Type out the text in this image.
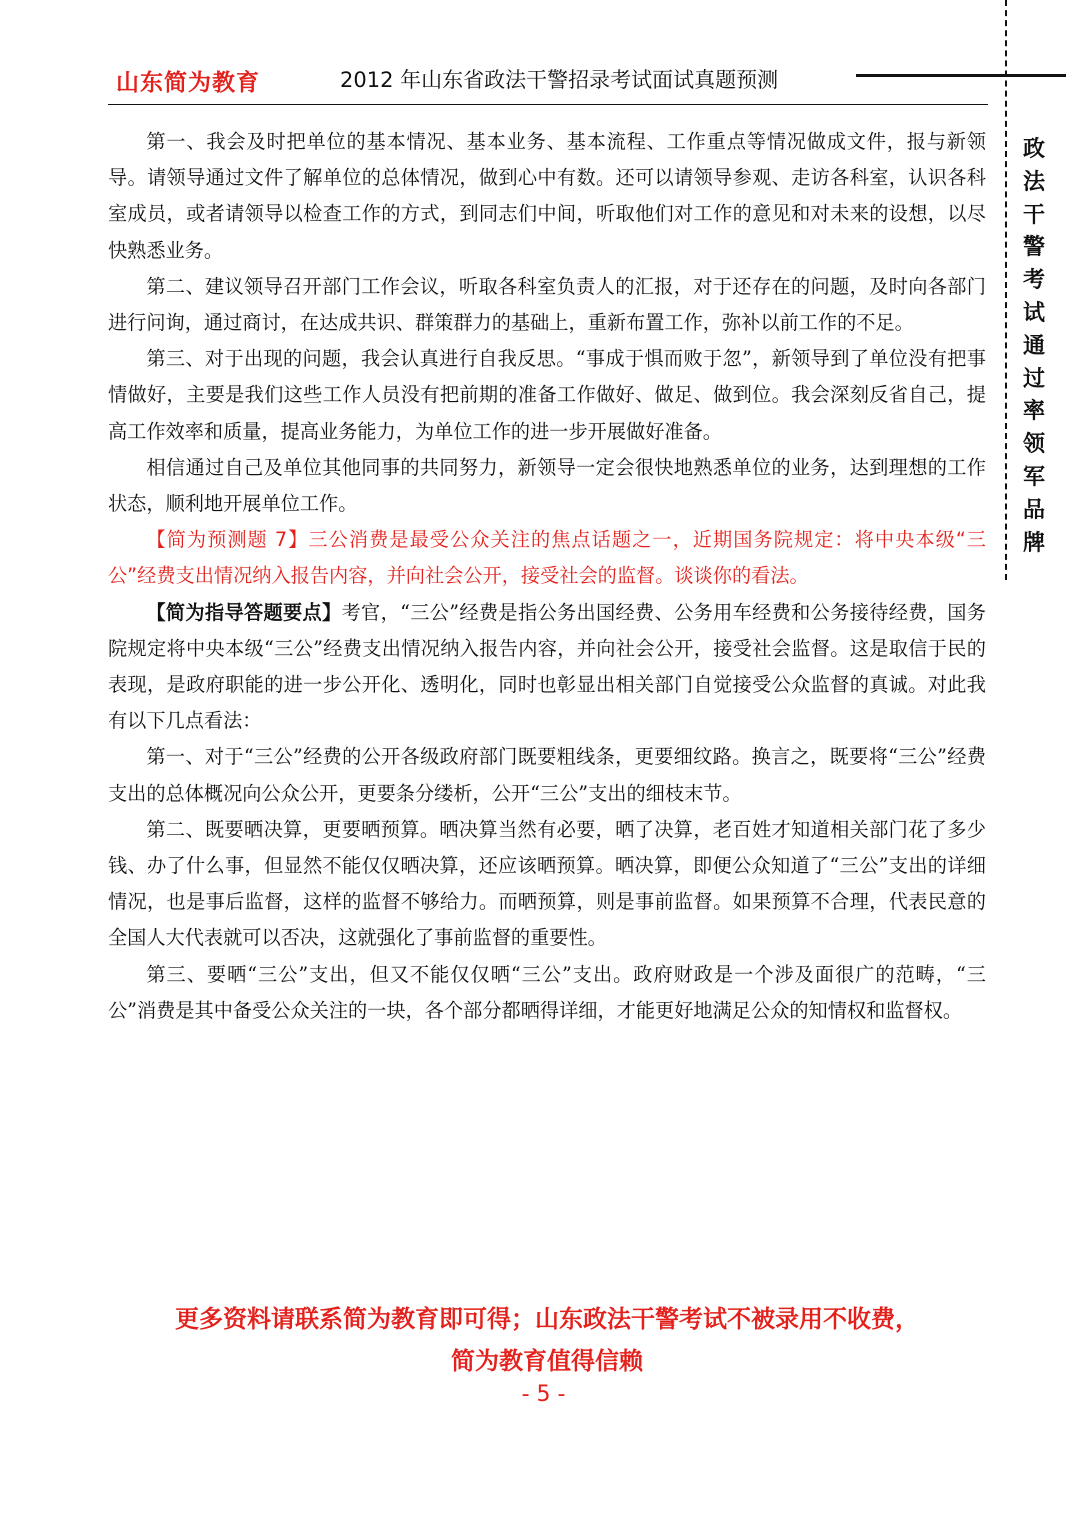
山东简为教育	2012 年山东省政法干警招录考试面试真题预测
政
法
干
警
考
试
通
过
率
领
军
品
牌

第一、我会及时把单位的基本情况、基本业务、基本流程、工作重点等情况做成文件，报与新领导。请领导通过文件了解单位的总体情况，做到心中有数。还可以请领导参观、走访各科室，认识各科室成员，或者请领导以检查工作的方式，到同志们中间，听取他们对工作的意见和对未来的设想，以尽快熟悉业务。

第二、建议领导召开部门工作会议，听取各科室负责人的汇报，对于还存在的问题，及时向各部门进行问询，通过商讨，在达成共识、群策群力的基础上，重新布置工作，弥补以前工作的不足。

第三、对于出现的问题，我会认真进行自我反思。“事成于惧而败于忽”，新领导到了单位没有把事情做好，主要是我们这些工作人员没有把前期的准备工作做好、做足、做到位。我会深刻反省自己，提高工作效率和质量，提高业务能力，为单位工作的进一步开展做好准备。

相信通过自己及单位其他同事的共同努力，新领导一定会很快地熟悉单位的业务，达到理想的工作状态，顺利地开展单位工作。

【简为预测题 7】三公消费是最受公众关注的焦点话题之一，近期国务院规定：将中央本级“三公”经费支出情况纳入报告内容，并向社会公开，接受社会的监督。谈谈你的看法。

【简为指导答题要点】考官，“三公”经费是指公务出国经费、公务用车经费和公务接待经费，国务院规定将中央本级“三公”经费支出情况纳入报告内容，并向社会公开，接受社会监督。这是取信于民的表现，是政府职能的进一步公开化、透明化，同时也彰显出相关部门自觉接受公众监督的真诚。对此我有以下几点看法：

第一、对于“三公”经费的公开各级政府部门既要粗线条，更要细纹路。换言之，既要将“三公”经费支出的总体概况向公众公开，更要条分缕析，公开“三公”支出的细枝末节。

第二、既要晒决算，更要晒预算。晒决算当然有必要，晒了决算，老百姓才知道相关部门花了多少钱、办了什么事，但显然不能仅仅晒决算，还应该晒预算。晒决算，即便公众知道了“三公”支出的详细情况，也是事后监督，这样的监督不够给力。而晒预算，则是事前监督。如果预算不合理，代表民意的全国人大代表就可以否决，这就强化了事前监督的重要性。

第三、要晒“三公”支出，但又不能仅仅晒“三公”支出。政府财政是一个涉及面很广的范畴，“三公”消费是其中备受公众关注的一块，各个部分都晒得详细，才能更好地满足公众的知情权和监督权。

更多资料请联系简为教育即可得；山东政法干警考试不被录用不收费，
简为教育值得信赖
- 5 -
